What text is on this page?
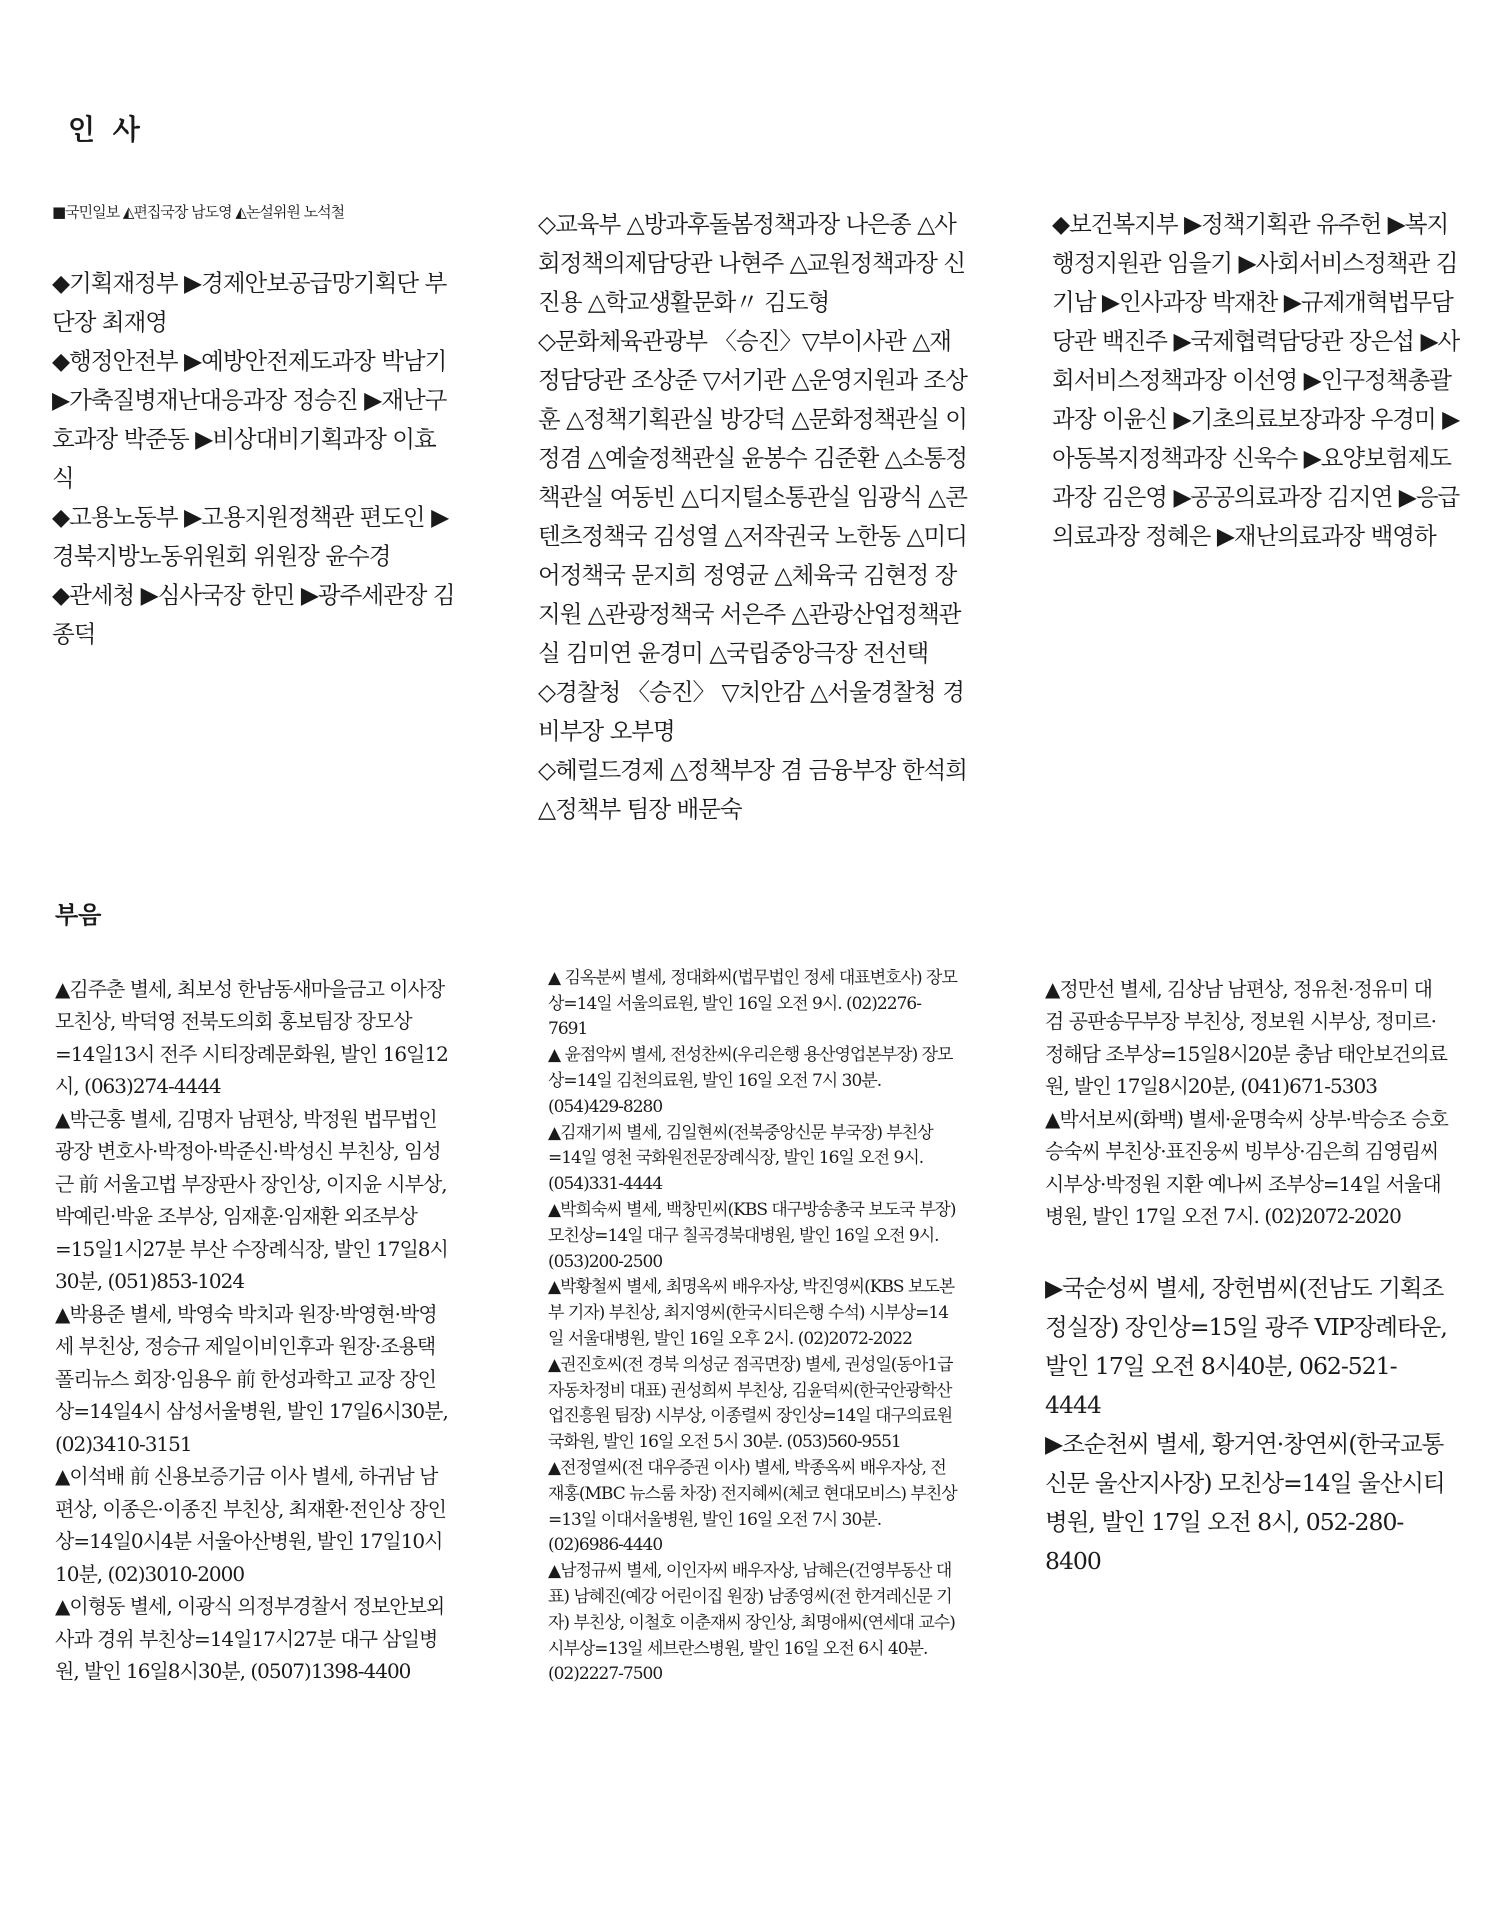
인 사

■국민일보 ◭편집국장 남도영 ◭논설위원 노석철

◆기획재정부 ▶경제안보공급망기획단 부단장 최재영
◆행정안전부 ▶예방안전제도과장 박남기 ▶가축질병재난대응과장 정승진 ▶재난구호과장 박준동 ▶비상대비기획과장 이효식
◆고용노동부 ▶고용지원정책관 편도인 ▶경북지방노동위원회 위원장 윤수경
◆관세청 ▶심사국장 한민 ▶광주세관장 김종덕

◇교육부 △방과후돌봄정책과장 나은종 △사회정책의제담당관 나현주 △교원정책과장 신진용 △학교생활문화〃 김도형
◇문화체육관광부 〈승진〉▽부이사관 △재정담당관 조상준 ▽서기관 △운영지원과 조상훈 △정책기획관실 방강덕 △문화정책관실 이정겸 △예술정책관실 윤봉수 김준환 △소통정책관실 여동빈 △디지털소통관실 임광식 △콘텐츠정책국 김성열 △저작권국 노한동 △미디어정책국 문지희 정영균 △체육국 김현정 장지원 △관광정책국 서은주 △관광산업정책관실 김미연 윤경미 △국립중앙극장 전선택
◇경찰청 〈승진〉 ▽치안감 △서울경찰청 경비부장 오부명
◇헤럴드경제 △정책부장 겸 금융부장 한석희 △정책부 팀장 배문숙

◆보건복지부 ▶정책기획관 유주헌 ▶복지행정지원관 임을기 ▶사회서비스정책관 김기남 ▶인사과장 박재찬 ▶규제개혁법무담당관 백진주 ▶국제협력담당관 장은섭 ▶사회서비스정책과장 이선영 ▶인구정책총괄과장 이윤신 ▶기초의료보장과장 우경미 ▶아동복지정책과장 신욱수 ▶요양보험제도과장 김은영 ▶공공의료과장 김지연 ▶응급의료과장 정혜은 ▶재난의료과장 백영하

부음

▲김주춘 별세, 최보성 한남동새마을금고 이사장 모친상, 박덕영 전북도의회 홍보팀장 장모상=14일13시 전주 시티장례문화원, 발인 16일12시, (063)274-4444
▲박근홍 별세, 김명자 남편상, 박정원 법무법인 광장 변호사·박정아·박준신·박성신 부친상, 임성근 前 서울고법 부장판사 장인상, 이지윤 시부상, 박예린·박윤 조부상, 임재훈·임재환 외조부상=15일1시27분 부산 수장례식장, 발인 17일8시30분, (051)853-1024
▲박용준 별세, 박영숙 박치과 원장·박영현·박영세 부친상, 정승규 제일이비인후과 원장·조용택 폴리뉴스 회장·임용우 前 한성과학고 교장 장인상=14일4시 삼성서울병원, 발인 17일6시30분, (02)3410-3151
▲이석배 前 신용보증기금 이사 별세, 하귀남 남편상, 이종은·이종진 부친상, 최재환·전인상 장인상=14일0시4분 서울아산병원, 발인 17일10시10분, (02)3010-2000
▲이형동 별세, 이광식 의정부경찰서 정보안보외사과 경위 부친상=14일17시27분 대구 삼일병원, 발인 16일8시30분, (0507)1398-4400

▲ 김옥분씨 별세, 정대화씨(법무법인 정세 대표변호사) 장모상=14일 서울의료원, 발인 16일 오전 9시. (02)2276-7691
▲ 윤점악씨 별세, 전성찬씨(우리은행 용산영업본부장) 장모상=14일 김천의료원, 발인 16일 오전 7시 30분. (054)429-8280
▲김재기씨 별세, 김일현씨(전북중앙신문 부국장) 부친상=14일 영천 국화원전문장례식장, 발인 16일 오전 9시. (054)331-4444
▲박희숙씨 별세, 백창민씨(KBS 대구방송총국 보도국 부장) 모친상=14일 대구 칠곡경북대병원, 발인 16일 오전 9시. (053)200-2500
▲박황철씨 별세, 최명옥씨 배우자상, 박진영씨(KBS 보도본부 기자) 부친상, 최지영씨(한국시티은행 수석) 시부상=14일 서울대병원, 발인 16일 오후 2시. (02)2072-2022
▲권진호씨(전 경북 의성군 점곡면장) 별세, 권성일(동아1급자동차정비 대표) 권성희씨 부친상, 김윤덕씨(한국안광학산업진흥원 팀장) 시부상, 이종렬씨 장인상=14일 대구의료원 국화원, 발인 16일 오전 5시 30분. (053)560-9551
▲전정열씨(전 대우증권 이사) 별세, 박종옥씨 배우자상, 전재홍(MBC 뉴스룸 차장) 전지혜씨(체코 현대모비스) 부친상=13일 이대서울병원, 발인 16일 오전 7시 30분. (02)6986-4440
▲남정규씨 별세, 이인자씨 배우자상, 남혜은(건영부동산 대표) 남혜진(예강 어린이집 원장) 남종영씨(전 한겨레신문 기자) 부친상, 이철호 이춘재씨 장인상, 최명애씨(연세대 교수) 시부상=13일 세브란스병원, 발인 16일 오전 6시 40분. (02)2227-7500

▲정만선 별세, 김상남 남편상, 정유천·정유미 대검 공판송무부장 부친상, 정보원 시부상, 정미르·정해담 조부상=15일8시20분 충남 태안보건의료원, 발인 17일8시20분, (041)671-5303
▲박서보씨(화백) 별세·윤명숙씨 상부·박승조 승호 승숙씨 부친상·표진웅씨 빙부상·김은희 김영림씨 시부상·박정원 지환 예나씨 조부상=14일 서울대병원, 발인 17일 오전 7시. (02)2072-2020

▶국순성씨 별세, 장헌범씨(전남도 기획조정실장) 장인상=15일 광주 VIP장례타운, 발인 17일 오전 8시40분, 062-521-4444
▶조순천씨 별세, 황거연·창연씨(한국교통신문 울산지사장) 모친상=14일 울산시티병원, 발인 17일 오전 8시, 052-280-8400
